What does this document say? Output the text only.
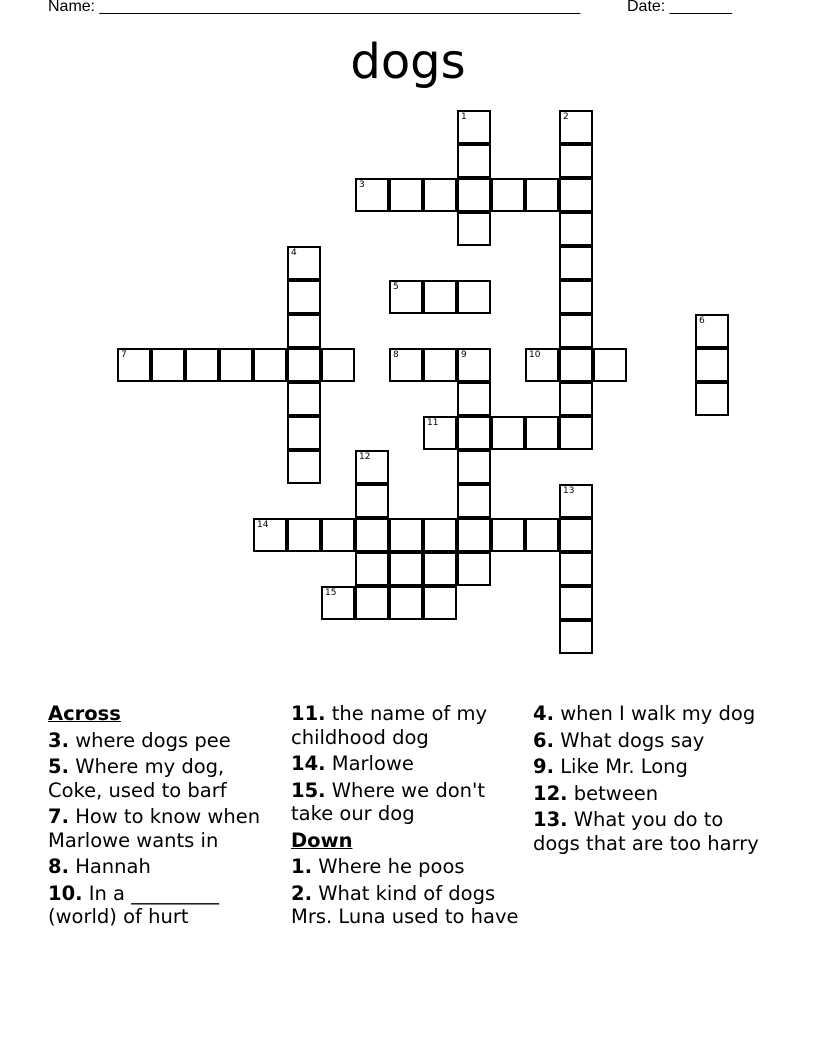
Name: ______________________________________________________	Date: _______
dogs
1	2
3
4
5
6
7	8	9	10
11
12
13
14
15
Across
3. where dogs pee
5. Where my dog, Coke, used to barf
7. How to know when Marlowe wants in
8. Hannah
10. In a _________ (world) of hurt
11. the name of my childhood dog
14. Marlowe
15. Where we don't take our dog
Down
1. Where he poos
2. What kind of dogs Mrs. Luna used to have
4. when I walk my dog
6. What dogs say
9. Like Mr. Long
12. between
13. What you do to dogs that are too harry
